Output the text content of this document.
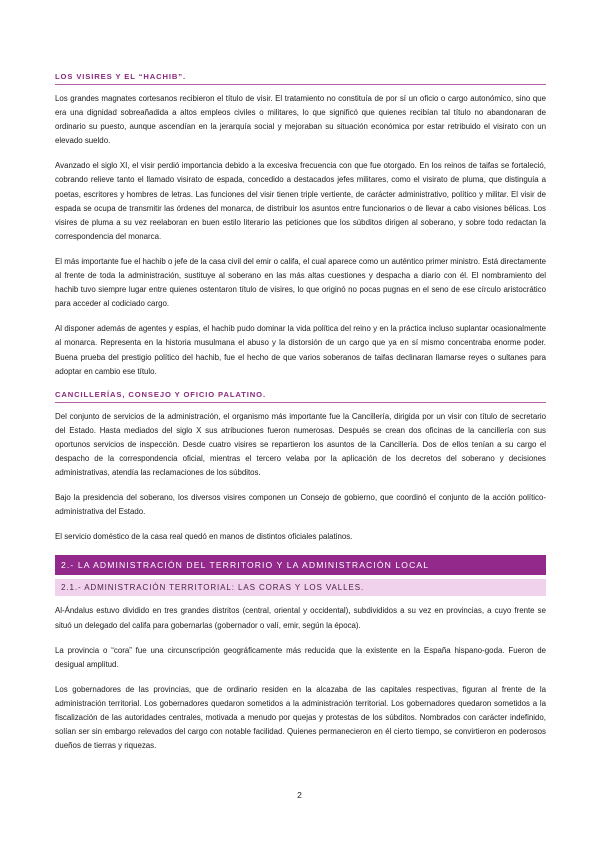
LOS VISIRES Y EL “HACHIB”.

Los grandes magnates cortesanos recibieron el título de visir. El tratamiento no constituía de por sí un oficio o cargo autonómico, sino que era una dignidad sobreañadida a altos empleos civiles o militares, lo que significó que quienes recibían tal título no abandonaran de ordinario su puesto, aunque ascendían en la jerarquía social y mejoraban su situación económica por estar retribuido el visirato con un elevado sueldo.

Avanzado el siglo XI, el visir perdió importancia debido a la excesiva frecuencia con que fue otorgado. En los reinos de taifas se fortaleció, cobrando relieve tanto el llamado visirato de espada, concedido a destacados jefes militares, como el visirato de pluma, que distinguía a poetas, escritores y hombres de letras. Las funciones del visir tienen triple vertiente, de carácter administrativo, político y militar. El visir de espada se ocupa de transmitir las órdenes del monarca, de distribuir los asuntos entre funcionarios o de llevar a cabo visiones bélicas. Los visires de pluma a su vez reelaboran en buen estilo literario las peticiones que los súbditos dirigen al soberano, y sobre todo redactan la correspondencia del monarca.

El más importante fue el hachib o jefe de la casa civil del emir o califa, el cual aparece como un auténtico primer ministro. Está directamente al frente de toda la administración, sustituye al soberano en las más altas cuestiones y despacha a diario con él. El nombramiento del hachib tuvo siempre lugar entre quienes ostentaron título de visires, lo que originó no pocas pugnas en el seno de ese círculo aristocrático para acceder al codiciado cargo.

Al disponer además de agentes y espías, el hachib pudo dominar la vida política del reino y en la práctica incluso suplantar ocasionalmente al monarca. Representa en la historia musulmana el abuso y la distorsión de un cargo que ya en sí mismo concentraba enorme poder. Buena prueba del prestigio político del hachib, fue el hecho de que varios soberanos de taifas declinaran llamarse reyes o sultanes para adoptar en cambio ese título.

CANCILLERÍAS, CONSEJO Y OFICIO PALATINO.

Del conjunto de servicios de la administración, el organismo más importante fue la Cancillería, dirigida por un visir con título de secretario del Estado. Hasta mediados del siglo X sus atribuciones fueron numerosas. Después se crean dos oficinas de la cancillería con sus oportunos servicios de inspección. Desde cuatro visires se repartieron los asuntos de la Cancillería. Dos de ellos tenían a su cargo el despacho de la correspondencia oficial, mientras el tercero velaba por la aplicación de los decretos del soberano y decisiones administrativas, atendía las reclamaciones de los súbditos.

Bajo la presidencia del soberano, los diversos visires componen un Consejo de gobierno, que coordinó el conjunto de la acción político-administrativa del Estado.

El servicio doméstico de la casa real quedó en manos de distintos oficiales palatinos.

2.- LA ADMINISTRACIÓN DEL TERRITORIO Y LA ADMINISTRACIÓN LOCAL
2.1.- ADMINISTRACIÓN TERRITORIAL: LAS CORAS Y LOS VALLES.

Al-Ándalus estuvo dividido en tres grandes distritos (central, oriental y occidental), subdivididos a su vez en provincias, a cuyo frente se situó un delegado del califa para gobernarlas (gobernador o valí, emir, según la época).

La provincia o “cora” fue una circunscripción geográficamente más reducida que la existente en la España hispano-goda. Fueron de desigual amplitud.

Los gobernadores de las provincias, que de ordinario residen en la alcazaba de las capitales respectivas, figuran al frente de la administración territorial. Los gobernadores quedaron sometidos a la administración territorial. Los gobernadores quedaron sometidos a la fiscalización de las autoridades centrales, motivada a menudo por quejas y protestas de los súbditos. Nombrados con carácter indefinido, solían ser sin embargo relevados del cargo con notable facilidad. Quienes permanecieron en él cierto tiempo, se convirtieron en poderosos dueños de tierras y riquezas.

2
